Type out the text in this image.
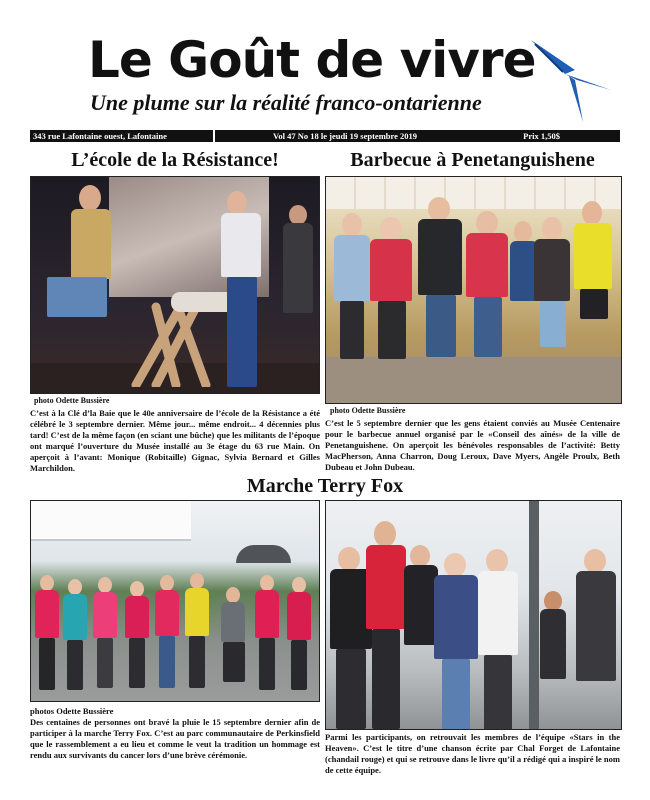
Le Goût de vivre
Une plume sur la réalité franco-ontarienne
343 rue Lafontaine ouest, Lafontaine	Vol 47 No 18 le jeudi 19 septembre 2019	Prix 1,50$
L’école de la Résistance!
photo Odette Bussière

C’est à la Clé d’la Baie que le 40e anniversaire de l’école de la Résistance a été célébré le 3 septembre dernier. Même jour... même endroit... 4 décennies plus tard! C’est de la même façon (en sciant une bûche) que les militants de l’époque ont marqué l’ouverture du Musée installé au 3e étage du 63 rue Main. On aperçoit à l’avant: Monique (Robitaille) Gignac, Sylvia Bernard et Gilles Marchildon.

Barbecue à Penetanguishene
photo Odette Bussière

C’est le 5 septembre dernier que les gens étaient conviés au Musée Centenaire pour le barbecue annuel organisé par le «Conseil des aînés» de la ville de Penetanguishene. On aperçoit les bénévoles responsables de l’activité: Betty MacPherson, Anna Charron, Doug Leroux, Dave Myers, Angèle Proulx, Beth Dubeau et John Dubeau.

Marche Terry Fox

photos Odette Bussière
Des centaines de personnes ont bravé la pluie le 15 septembre dernier afin de participer à la marche Terry Fox. C’est au parc communautaire de Perkinsfield que le rassemblement a eu lieu et comme le veut la tradition un hommage est rendu aux survivants du cancer lors d’une brève cérémonie.

Parmi les participants, on retrouvait les membres de l’équipe «Stars in the Heaven». C’est le titre d’une chanson écrite par Chal Forget de Lafontaine (chandail rouge) et qui se retrouve dans le livre qu’il a rédigé qui a inspiré le nom de cette équipe.
